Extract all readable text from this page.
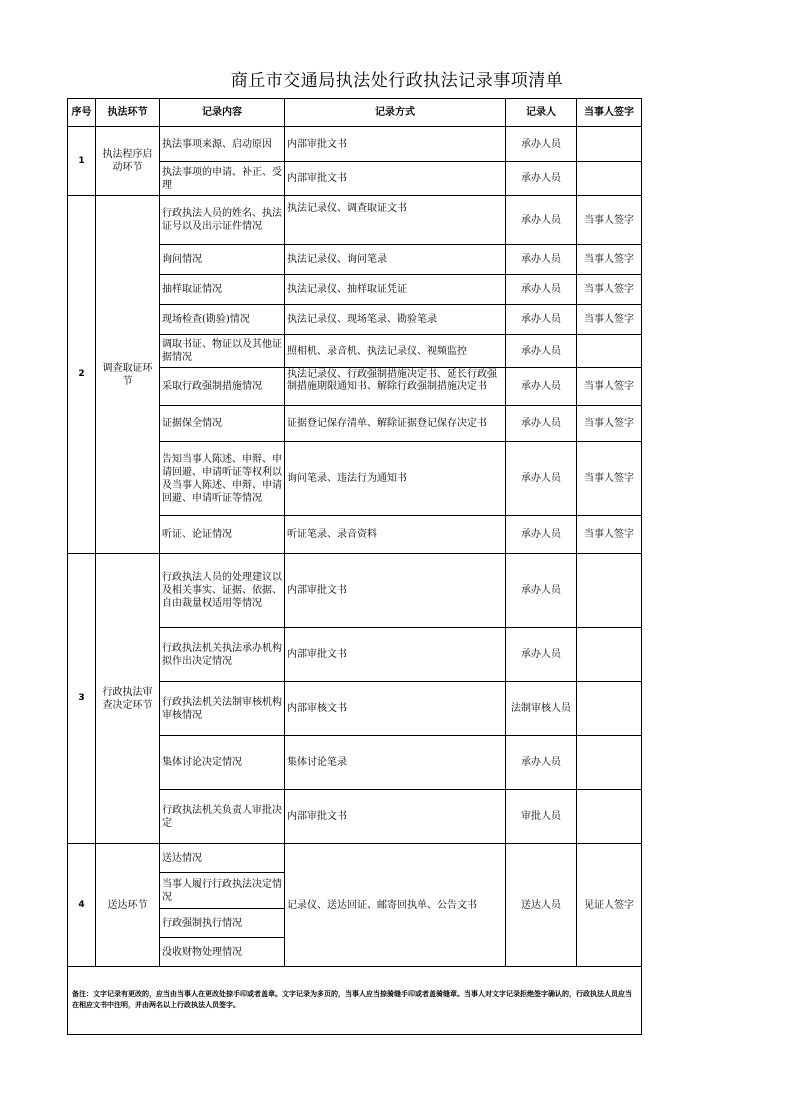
商丘市交通局执法处行政执法记录事项清单
序号	执法环节	记录内容	记录方式	记录人	当事人签字
1	执法程序启动环节	执法事项来源、启动原因	内部审批文书	承办人员	
		执法事项的申请、补正、受理	内部审批文书	承办人员	
2	调查取证环节	行政执法人员的姓名、执法证号以及出示证件情况	执法记录仪、调查取证文书	承办人员	当事人签字
		询问情况	执法记录仪、询问笔录	承办人员	当事人签字
		抽样取证情况	执法记录仪、抽样取证凭证	承办人员	当事人签字
		现场检查(勘验)情况	执法记录仪、现场笔录、勘验笔录	承办人员	当事人签字
		调取书证、物证以及其他证据情况	照相机、录音机、执法记录仪、视频监控	承办人员	
		采取行政强制措施情况	执法记录仪、行政强制措施决定书、延长行政强制措施期限通知书、解除行政强制措施决定书	承办人员	当事人签字
		证据保全情况	证据登记保存清单、解除证据登记保存决定书	承办人员	当事人签字
		告知当事人陈述、申辩、申请回避、申请听证等权利以及当事人陈述、申辩、申请回避、申请听证等情况	询问笔录、违法行为通知书	承办人员	当事人签字
		听证、论证情况	听证笔录、录音资料	承办人员	当事人签字
3	行政执法审查决定环节	行政执法人员的处理建议以及相关事实、证据、依据、自由裁量权适用等情况	内部审批文书	承办人员	
		行政执法机关执法承办机构拟作出决定情况	内部审批文书	承办人员	
		行政执法机关法制审核机构审核情况	内部审核文书	法制审核人员	
		集体讨论决定情况	集体讨论笔录	承办人员	
		行政执法机关负责人审批决定	内部审批文书	审批人员	
4	送达环节	送达情况	记录仪、送达回证、邮寄回执单、公告文书	送达人员	见证人签字
		当事人履行行政执法决定情况			
		行政强制执行情况			
		没收财物处理情况			
备注：文字记录有更改的，应当由当事人在更改处捺手印或者盖章。文字记录为多页的，当事人应当捺骑缝手印或者盖骑缝章。当事人对文字记录拒绝签字确认的，行政执法人员应当在相应文书中注明，并由两名以上行政执法人员签字。					
